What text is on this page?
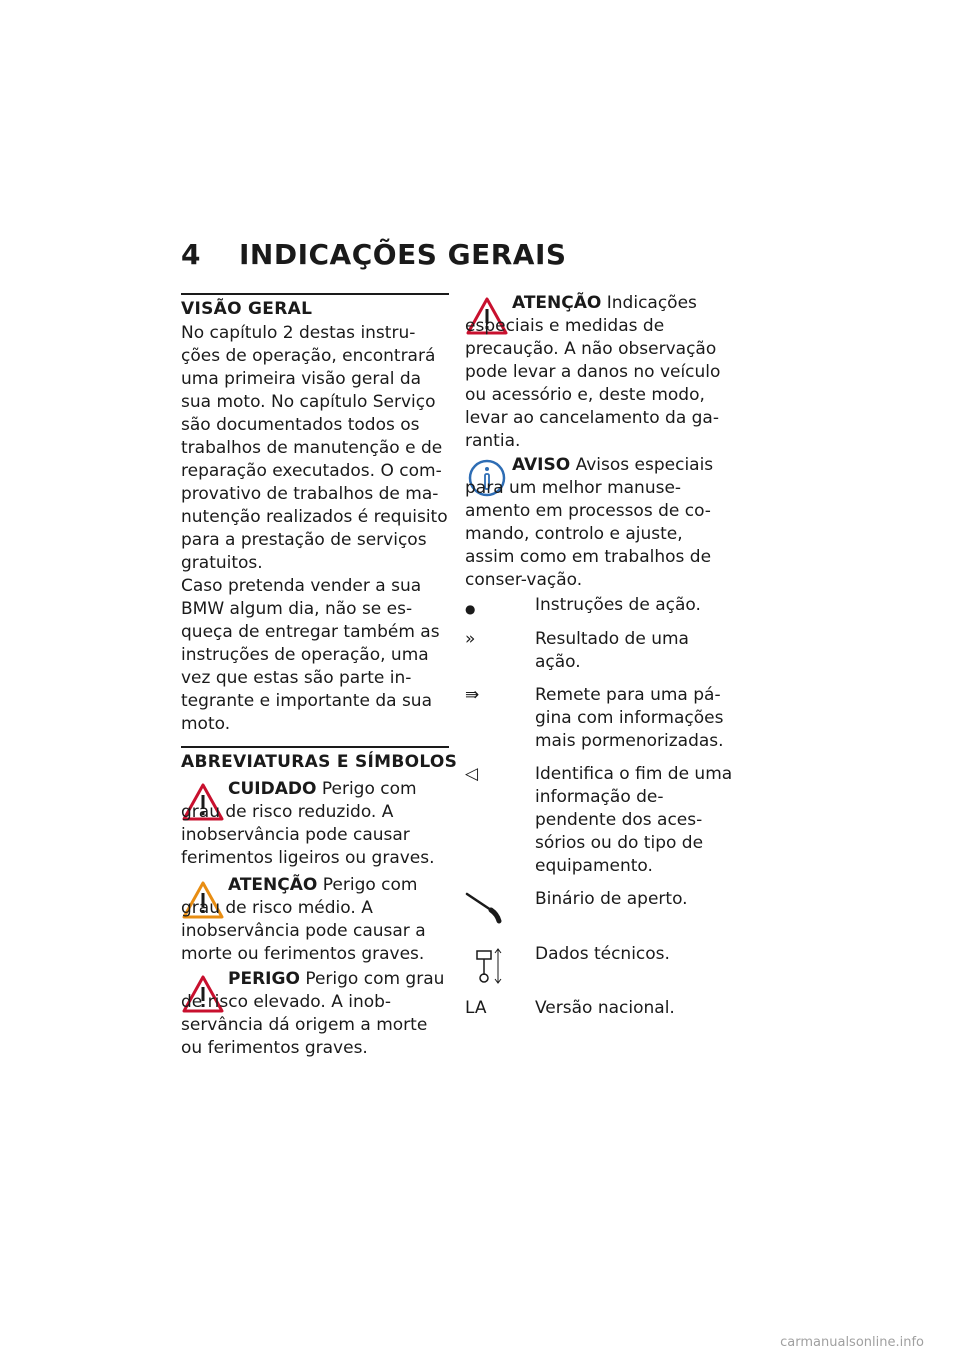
4 INDICAÇÕES GERAIS
VISÃO GERAL

No capítulo 2 destas instru-ções de operação, encontrará uma primeira visão geral da sua moto. No capítulo Serviço são documentados todos os trabalhos de manutenção e de reparação executados. O com-provativo de trabalhos de ma-nutenção realizados é requisito para a prestação de serviços gratuitos.

Caso pretenda vender a sua BMW algum dia, não se es-queça de entregar também as instruções de operação, uma vez que estas são parte in-tegrante e importante da sua moto.

ABREVIATURAS E SÍMBOLOS
CUIDADO Perigo com grau de risco reduzido. A inobservância pode causar ferimentos ligeiros ou graves.
ATENÇÃO Perigo com grau de risco médio. A inobservância pode causar a morte ou ferimentos graves.
PERIGO Perigo com grau de risco elevado. A inob-servância dá origem a morte ou ferimentos graves.
ATENÇÃO Indicações especiais e medidas de precaução. A não observação pode levar a danos no veículo ou acessório e, deste modo, levar ao cancelamento da ga-rantia.
AVISO Avisos especiais para um melhor manuse-amento em processos de co-mando, controlo e ajuste, assim como em trabalhos de conser-vação.
●	Instruções de ação.
»	Resultado de uma ação.
⇛	Remete para uma pá-gina com informações mais pormenorizadas.
◁	Identifica o fim de uma informação de-pendente dos aces-sórios ou do tipo de equipamento.
Binário de aperto.
Dados técnicos.
LA	Versão nacional.
carmanualsonline.info
